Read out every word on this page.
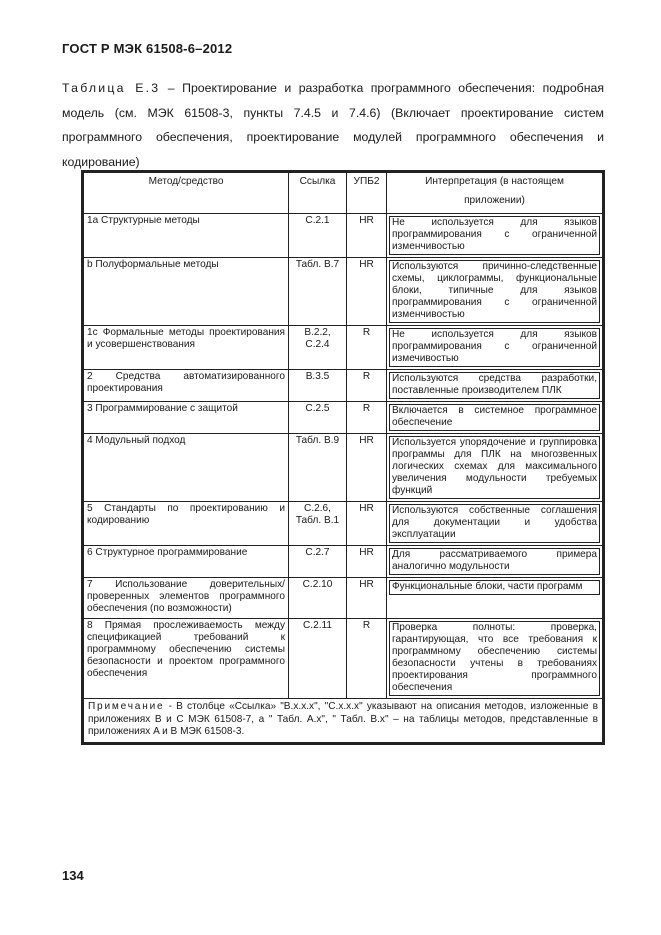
ГОСТ Р МЭК 61508-6–2012
Таблица Е.3 – Проектирование и разработка программного обеспечения: подробная модель (см. МЭК 61508-3, пункты 7.4.5 и 7.4.6) (Включает проектирование систем программного обеспечения, проектирование модулей программного обеспечения и кодирование)
Метод/средство	Ссылка	УПБ2	Интерпретация (в настоящем
приложении)

1а Структурные методы	C.2.1	HR	Не используется для языков программирования с ограниченной изменчивостью

b Полуформальные методы	Табл. B.7	HR	Используются причинно-следственные схемы, циклограммы, функциональные блоки, типичные для языков программирования с ограниченной изменчивостью

1с Формальные методы проектирования и усовершенствования	B.2.2, C.2.4	R	Не используется для языков программирования с ограниченной измечивостью

2 Средства автоматизированного проектирования	B.3.5	R	Используются средства разработки, поставленные производителем ПЛК

3 Программирование с защитой	C.2.5	R	Включается в системное программное обеспечение

4 Модульный подход	Табл. B.9	HR	Используется упорядочение и группировка программы для ПЛК на многозвенных логических схемах для максимального увеличения модульности требуемых функций

5 Стандарты по проектированию и кодированию	C.2.6, Табл. B.1	HR	Используются собственные соглашения для документации и удобства эксплуатации

6 Структурное программирование	C.2.7	HR	Для рассматриваемого примера аналогично модульности

7 Использование доверительных/проверенных элементов программного обеспечения (по возможности)	C.2.10	HR	Функциональные блоки, части программ

8 Прямая прослеживаемость между спецификацией требований к программному обеспечению системы безопасности и проектом программного обеспечения	C.2.11	R	Проверка полноты: проверка, гарантирующая, что все требования к программному обеспечению системы безопасности учтены в требованиях проектирования программного обеспечения

Примечание - В столбце «Ссылка» "B.x.x.x", "C.x.x.x" указывают на описания методов, изложенные в приложениях B и C МЭК 61508-7, а " Табл. A.x", " Табл. B.x" – на таблицы методов, представленные в приложениях A и B МЭК 61508-3.			
134
